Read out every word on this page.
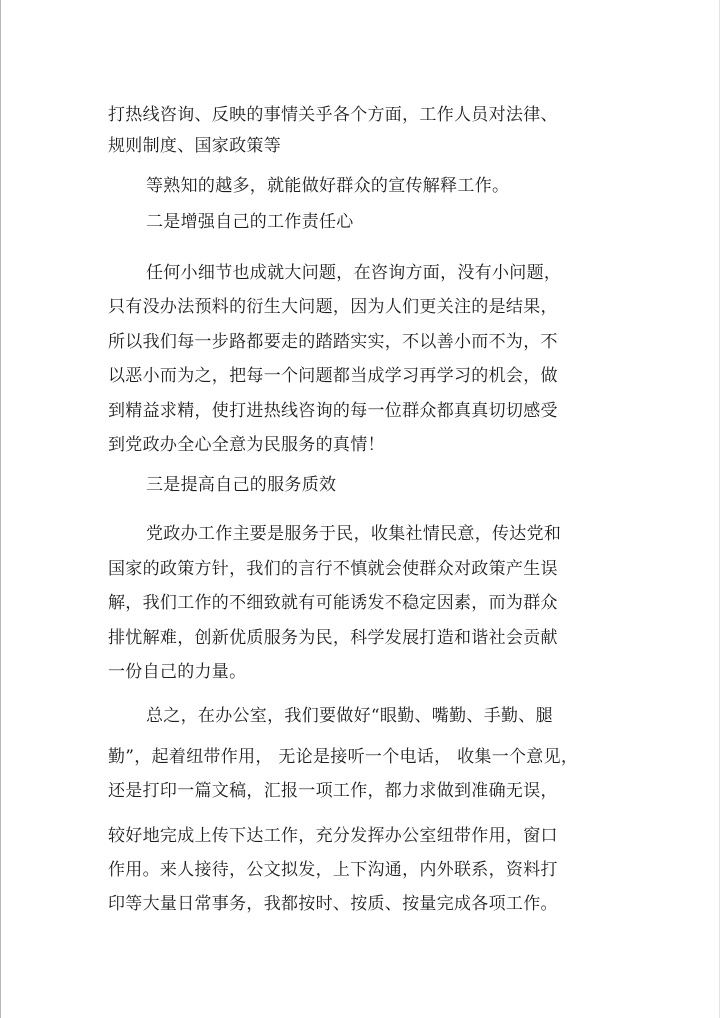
打热线咨询、反映的事情关乎各个方面，工作人员对法律、
规则制度、国家政策等
等熟知的越多，就能做好群众的宣传解释工作。
二是增强自己的工作责任心
任何小细节也成就大问题，在咨询方面，没有小问题，
只有没办法预料的衍生大问题，因为人们更关注的是结果，
所以我们每一步路都要走的踏踏实实，不以善小而不为，不
以恶小而为之，把每一个问题都当成学习再学习的机会，做
到精益求精，使打进热线咨询的每一位群众都真真切切感受
到党政办全心全意为民服务的真情！
三是提高自己的服务质效
党政办工作主要是服务于民，收集社情民意，传达党和
国家的政策方针，我们的言行不慎就会使群众对政策产生误
解，我们工作的不细致就有可能诱发不稳定因素，而为群众
排忧解难，创新优质服务为民，科学发展打造和谐社会贡献
一份自己的力量。
总之，在办公室，我们要做好“眼勤、嘴勤、手勤、腿
勤”，起着纽带作用， 无论是接听一个电话， 收集一个意见，
还是打印一篇文稿，汇报一项工作，都力求做到准确无误，
较好地完成上传下达工作，充分发挥办公室纽带作用，窗口
作用。来人接待，公文拟发，上下沟通，内外联系，资料打
印等大量日常事务，我都按时、按质、按量完成各项工作。
